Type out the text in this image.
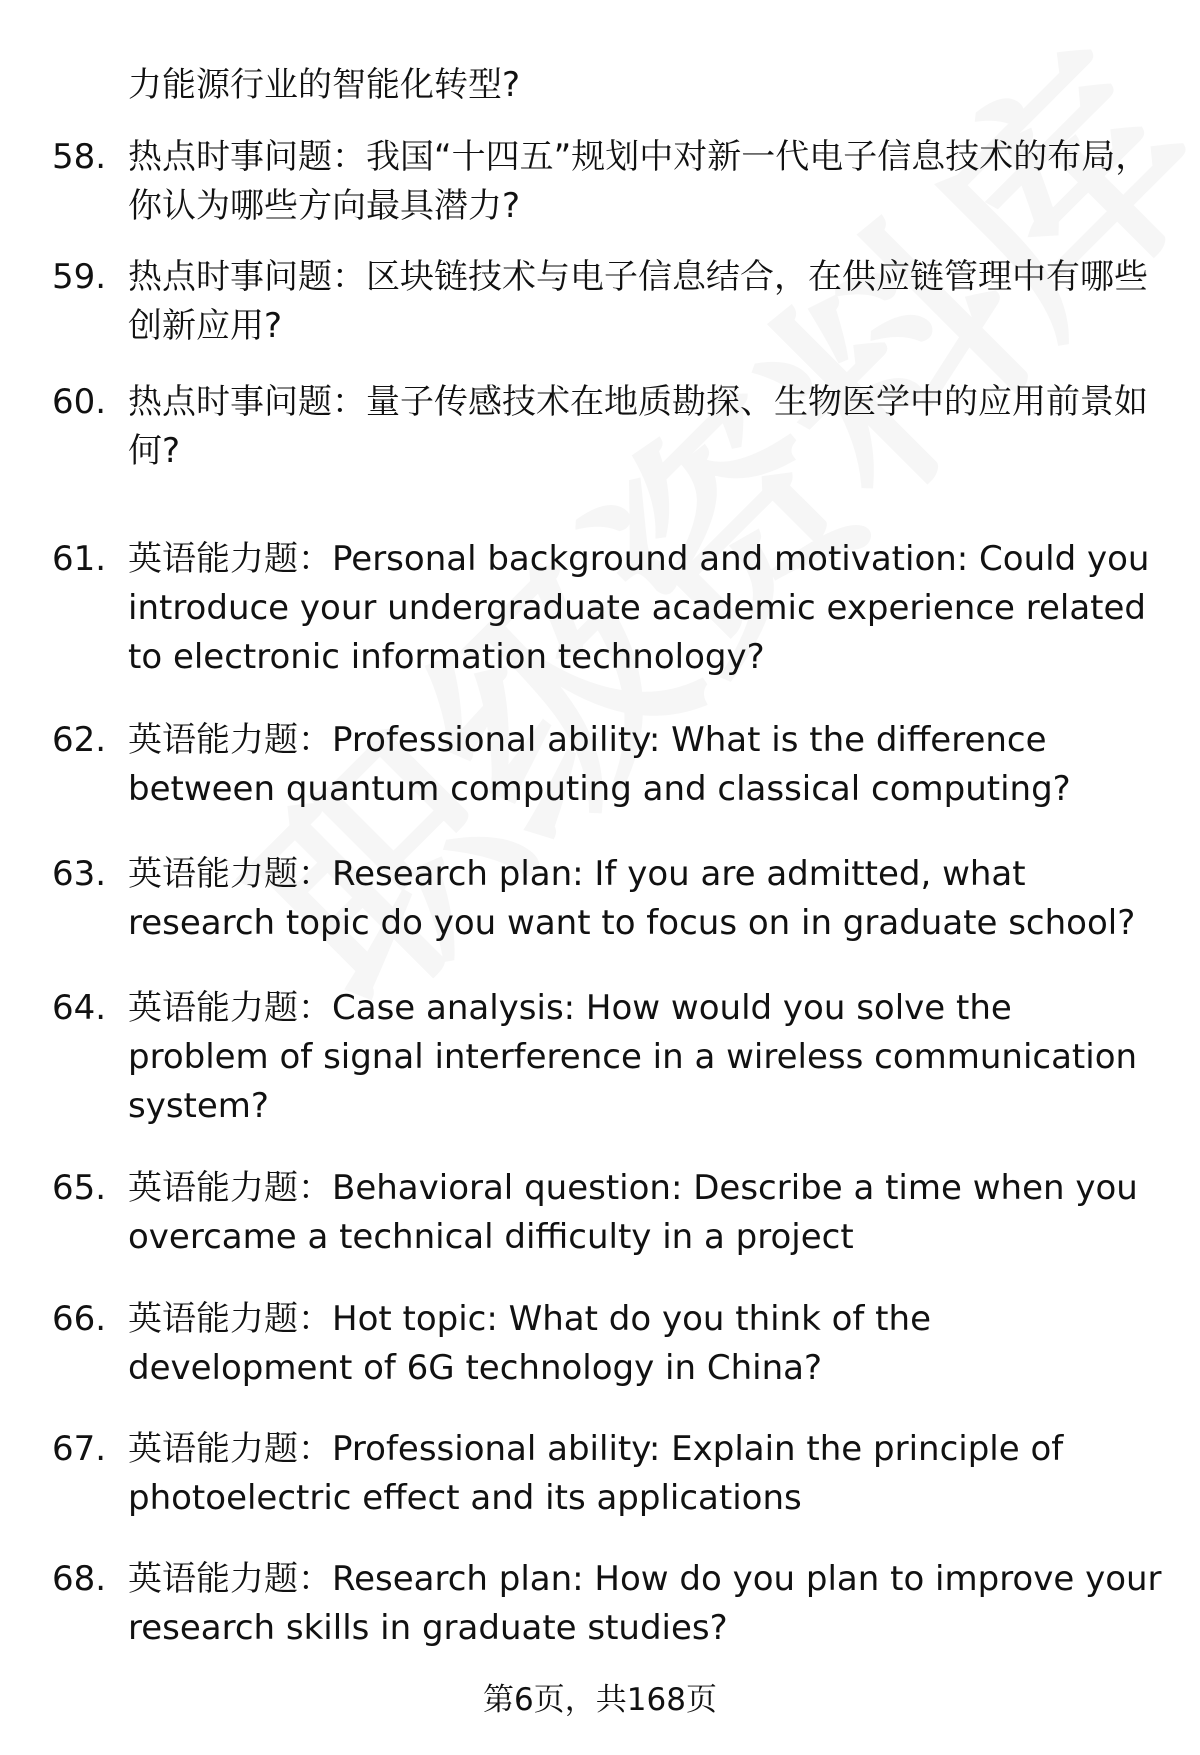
力能源行业的智能化转型?
58. 热点时事问题：我国“十四五”规划中对新一代电子信息技术的布局，你认为哪些方向最具潜力?
59. 热点时事问题：区块链技术与电子信息结合，在供应链管理中有哪些创新应用?
60. 热点时事问题：量子传感技术在地质勘探、生物医学中的应用前景如何?
61. 英语能力题：Personal background and motivation: Could you introduce your undergraduate academic experience related to electronic information technology?
62. 英语能力题：Professional ability: What is the difference between quantum computing and classical computing?
63. 英语能力题：Research plan: If you are admitted, what research topic do you want to focus on in graduate school?
64. 英语能力题：Case analysis: How would you solve the problem of signal interference in a wireless communication system?
65. 英语能力题：Behavioral question: Describe a time when you overcame a technical difficulty in a project
66. 英语能力题：Hot topic: What do you think of the development of 6G technology in China?
67. 英语能力题：Professional ability: Explain the principle of photoelectric effect and its applications
68. 英语能力题：Research plan: How do you plan to improve your research skills in graduate studies?
第6页，共168页
